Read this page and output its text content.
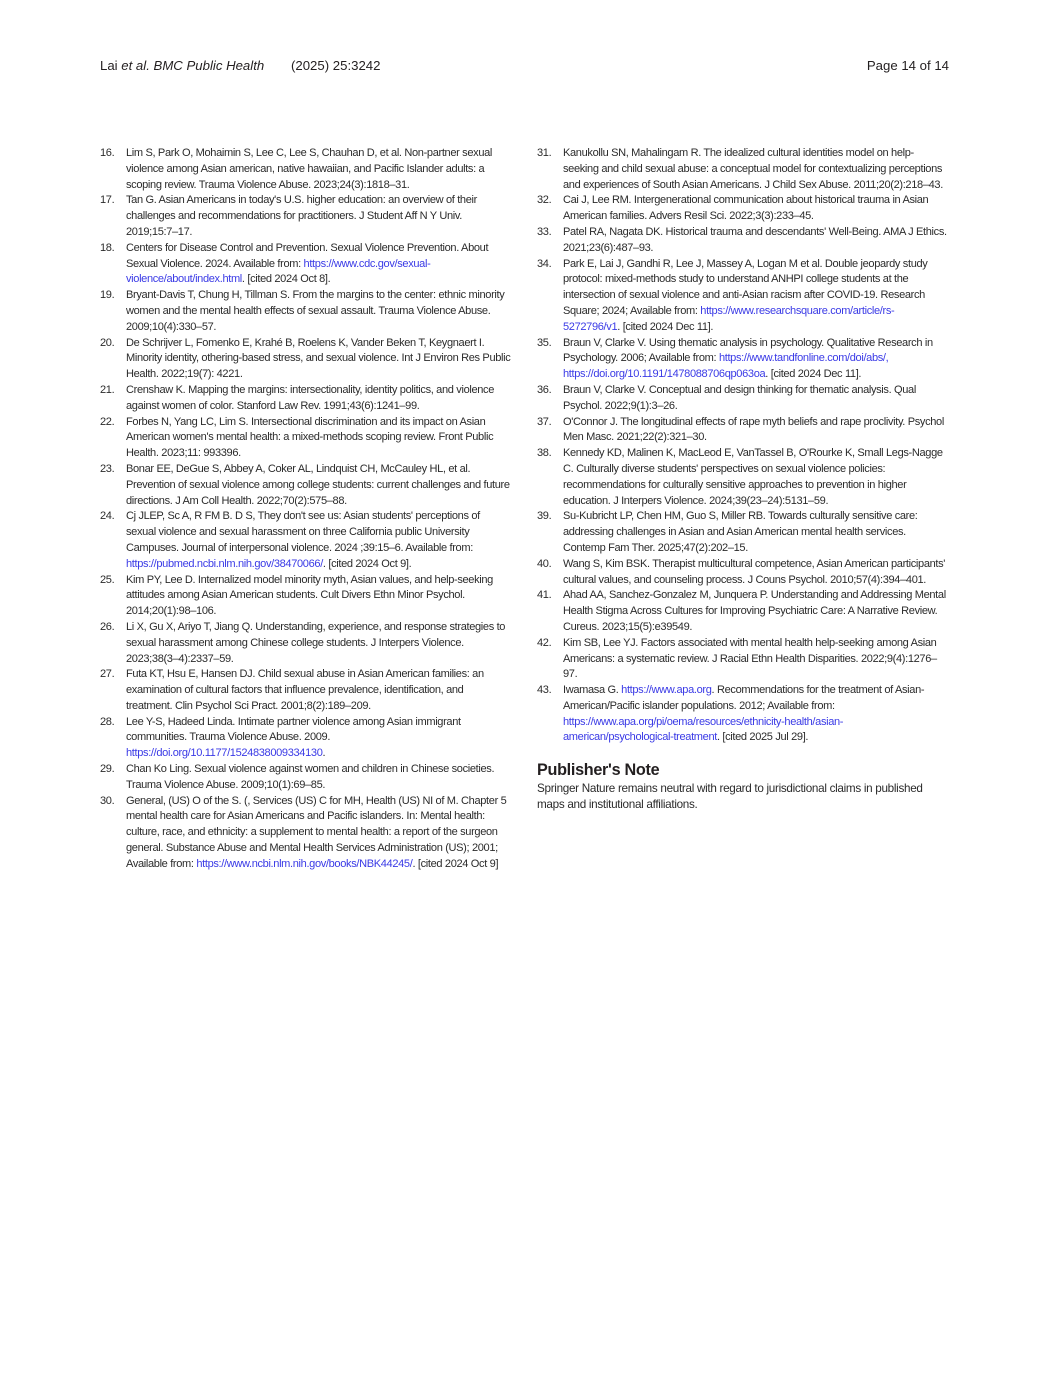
Lai et al. BMC Public Health (2025) 25:3242	Page 14 of 14
16. Lim S, Park O, Mohaimin S, Lee C, Lee S, Chauhan D, et al. Non-partner sexual violence among Asian american, native hawaiian, and Pacific Islander adults: a scoping review. Trauma Violence Abuse. 2023;24(3):1818–31.
17. Tan G. Asian Americans in today's U.S. higher education: an overview of their challenges and recommendations for practitioners. J Student Aff N Y Univ. 2019;15:7–17.
18. Centers for Disease Control and Prevention. Sexual Violence Prevention. About Sexual Violence. 2024. Available from: https://www.cdc.gov/sexual-violence/about/index.html. [cited 2024 Oct 8].
19. Bryant-Davis T, Chung H, Tillman S. From the margins to the center: ethnic minority women and the mental health effects of sexual assault. Trauma Violence Abuse. 2009;10(4):330–57.
20. De Schrijver L, Fomenko E, Krahé B, Roelens K, Vander Beken T, Keygnaert I. Minority identity, othering-based stress, and sexual violence. Int J Environ Res Public Health. 2022;19(7): 4221.
21. Crenshaw K. Mapping the margins: intersectionality, identity politics, and violence against women of color. Stanford Law Rev. 1991;43(6):1241–99.
22. Forbes N, Yang LC, Lim S. Intersectional discrimination and its impact on Asian American women's mental health: a mixed-methods scoping review. Front Public Health. 2023;11: 993396.
23. Bonar EE, DeGue S, Abbey A, Coker AL, Lindquist CH, McCauley HL, et al. Prevention of sexual violence among college students: current challenges and future directions. J Am Coll Health. 2022;70(2):575–88.
24. Cj JLEP, Sc A, R FM B. D S, They don't see us: Asian students' perceptions of sexual violence and sexual harassment on three California public University Campuses. Journal of interpersonal violence. 2024 ;39:15–6. Available from: https://pubmed.ncbi.nlm.nih.gov/38470066/. [cited 2024 Oct 9].
25. Kim PY, Lee D. Internalized model minority myth, Asian values, and help-seeking attitudes among Asian American students. Cult Divers Ethn Minor Psychol. 2014;20(1):98–106.
26. Li X, Gu X, Ariyo T, Jiang Q. Understanding, experience, and response strategies to sexual harassment among Chinese college students. J Interpers Violence. 2023;38(3–4):2337–59.
27. Futa KT, Hsu E, Hansen DJ. Child sexual abuse in Asian American families: an examination of cultural factors that influence prevalence, identification, and treatment. Clin Psychol Sci Pract. 2001;8(2):189–209.
28. Lee Y-S, Hadeed Linda. Intimate partner violence among Asian immigrant communities. Trauma Violence Abuse. 2009. https://doi.org/10.1177/1524838009334130.
29. Chan Ko Ling. Sexual violence against women and children in Chinese societies. Trauma Violence Abuse. 2009;10(1):69–85.
30. General, (US) O of the S. (, Services (US) C for MH, Health (US) NI of M. Chapter 5 mental health care for Asian Americans and Pacific islanders. In: Mental health: culture, race, and ethnicity: a supplement to mental health: a report of the surgeon general. Substance Abuse and Mental Health Services Administration (US); 2001; Available from: https://www.ncbi.nlm.nih.gov/books/NBK44245/. [cited 2024 Oct 9]
31. Kanukollu SN, Mahalingam R. The idealized cultural identities model on help-seeking and child sexual abuse: a conceptual model for contextualizing perceptions and experiences of South Asian Americans. J Child Sex Abuse. 2011;20(2):218–43.
32. Cai J, Lee RM. Intergenerational communication about historical trauma in Asian American families. Advers Resil Sci. 2022;3(3):233–45.
33. Patel RA, Nagata DK. Historical trauma and descendants' Well-Being. AMA J Ethics. 2021;23(6):487–93.
34. Park E, Lai J, Gandhi R, Lee J, Massey A, Logan M et al. Double jeopardy study protocol: mixed-methods study to understand ANHPI college students at the intersection of sexual violence and anti-Asian racism after COVID-19. Research Square; 2024; Available from: https://www.researchsquare.com/article/rs-5272796/v1. [cited 2024 Dec 11].
35. Braun V, Clarke V. Using thematic analysis in psychology. Qualitative Research in Psychology. 2006; Available from: https://www.tandfonline.com/doi/abs/, https://doi.org/10.1191/1478088706qp063oa. [cited 2024 Dec 11].
36. Braun V, Clarke V. Conceptual and design thinking for thematic analysis. Qual Psychol. 2022;9(1):3–26.
37. O'Connor J. The longitudinal effects of rape myth beliefs and rape proclivity. Psychol Men Masc. 2021;22(2):321–30.
38. Kennedy KD, Malinen K, MacLeod E, VanTassel B, O'Rourke K, Small Legs-Nagge C. Culturally diverse students' perspectives on sexual violence policies: recommendations for culturally sensitive approaches to prevention in higher education. J Interpers Violence. 2024;39(23–24):5131–59.
39. Su-Kubricht LP, Chen HM, Guo S, Miller RB. Towards culturally sensitive care: addressing challenges in Asian and Asian American mental health services. Contemp Fam Ther. 2025;47(2):202–15.
40. Wang S, Kim BSK. Therapist multicultural competence, Asian American participants' cultural values, and counseling process. J Couns Psychol. 2010;57(4):394–401.
41. Ahad AA, Sanchez-Gonzalez M, Junquera P. Understanding and Addressing Mental Health Stigma Across Cultures for Improving Psychiatric Care: A Narrative Review. Cureus. 2023;15(5):e39549.
42. Kim SB, Lee YJ. Factors associated with mental health help-seeking among Asian Americans: a systematic review. J Racial Ethn Health Disparities. 2022;9(4):1276–97.
43. Iwamasa G. https://www.apa.org. Recommendations for the treatment of Asian-American/Pacific islander populations. 2012; Available from: https://www.apa.org/pi/oema/resources/ethnicity-health/asian-american/psychological-treatment. [cited 2025 Jul 29].
Publisher's Note
Springer Nature remains neutral with regard to jurisdictional claims in published maps and institutional affiliations.
